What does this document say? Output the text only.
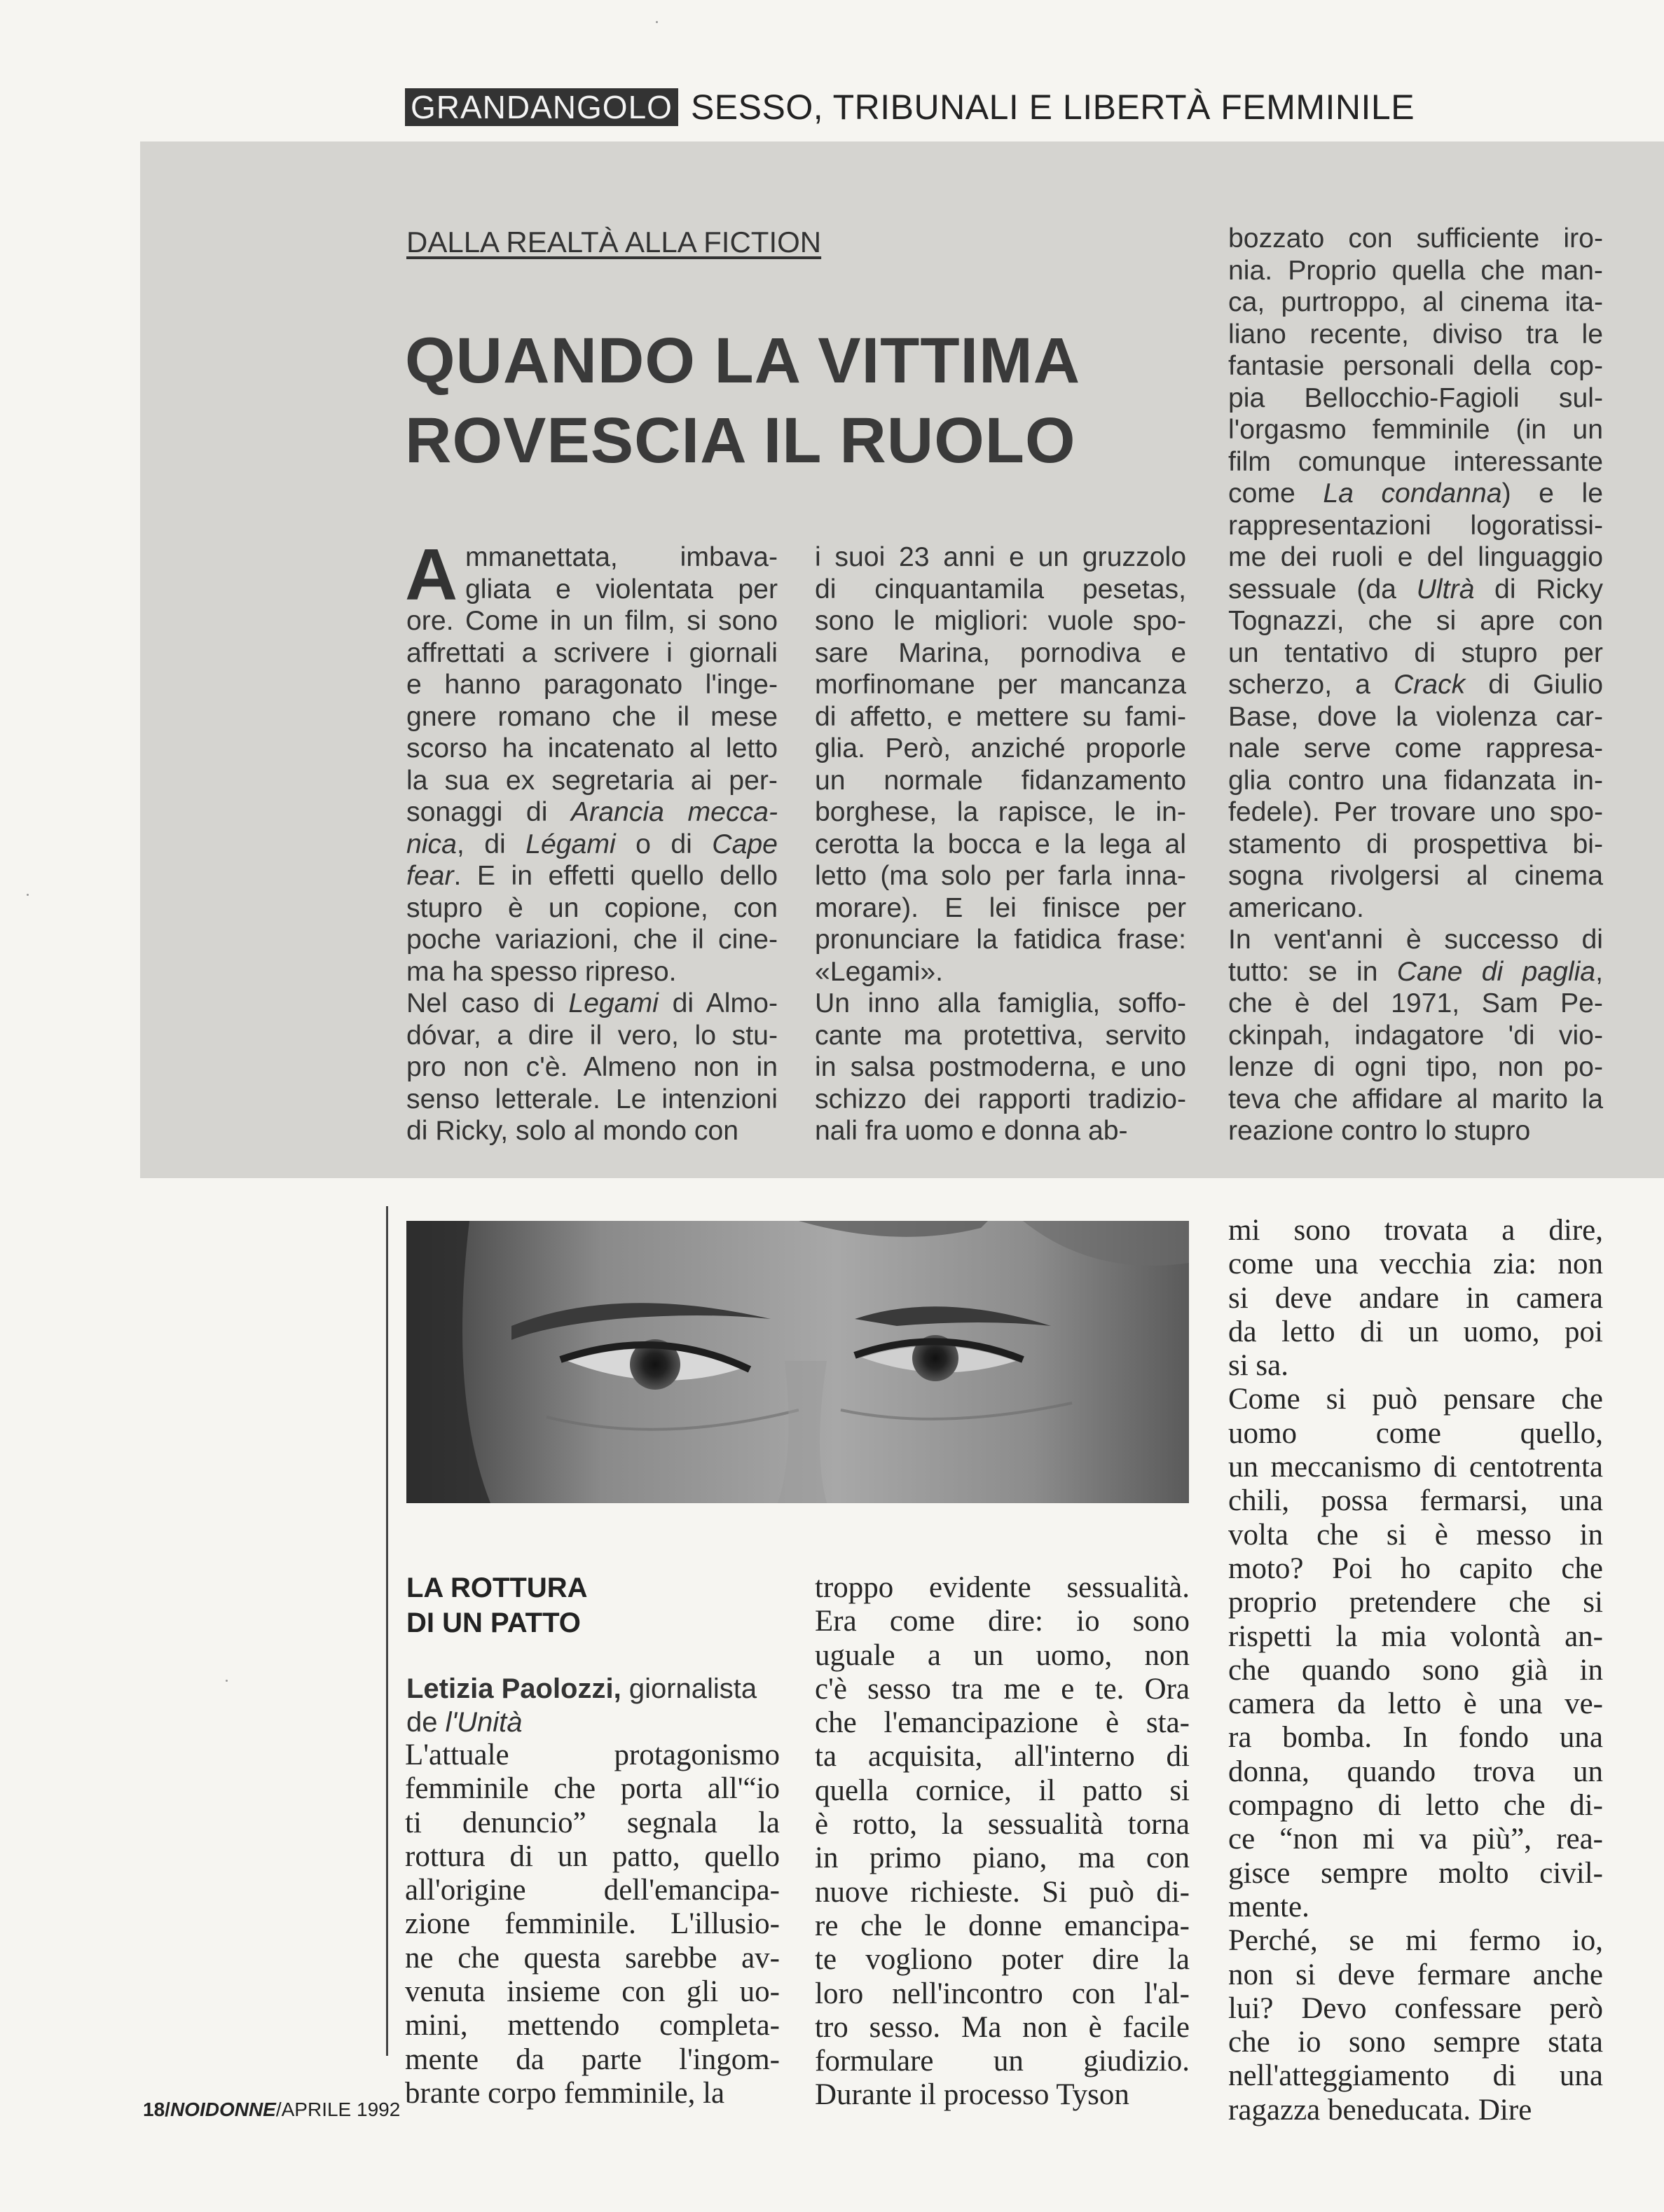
GRANDANGOLO SESSO, TRIBUNALI E LIBERTÀ FEMMINILE
DALLA REALTÀ ALLA FICTION
QUANDO LA VITTIMA
ROVESCIA IL RUOLO
A mmanettata, imbava-
gliata e violentata per
ore. Come in un film, si sono
affrettati a scrivere i giornali
e hanno paragonato l'inge-
gnere romano che il mese
scorso ha incatenato al letto
la sua ex segretaria ai per-
sonaggi di Arancia mecca-
nica, di Légami o di Cape
fear. E in effetti quello dello
stupro è un copione, con
poche variazioni, che il cine-
ma ha spesso ripreso.
Nel caso di Legami di Almo-
dóvar, a dire il vero, lo stu-
pro non c'è. Almeno non in
senso letterale. Le intenzioni
di Ricky, solo al mondo con
i suoi 23 anni e un gruzzolo
di cinquantamila pesetas,
sono le migliori: vuole spo-
sare Marina, pornodiva e
morfinomane per mancanza
di affetto, e mettere su fami-
glia. Però, anziché proporle
un normale fidanzamento
borghese, la rapisce, le in-
cerotta la bocca e la lega al
letto (ma solo per farla inna-
morare). E lei finisce per
pronunciare la fatidica frase:
«Legami».
Un inno alla famiglia, soffo-
cante ma protettiva, servito
in salsa postmoderna, e uno
schizzo dei rapporti tradizio-
nali fra uomo e donna ab-
bozzato con sufficiente iro-
nia. Proprio quella che man-
ca, purtroppo, al cinema ita-
liano recente, diviso tra le
fantasie personali della cop-
pia Bellocchio-Fagioli sul-
l'orgasmo femminile (in un
film comunque interessante
come La condanna) e le
rappresentazioni logoratissi-
me dei ruoli e del linguaggio
sessuale (da Ultrà di Ricky
Tognazzi, che si apre con
un tentativo di stupro per
scherzo, a Crack di Giulio
Base, dove la violenza car-
nale serve come rappresa-
glia contro una fidanzata in-
fedele). Per trovare uno spo-
stamento di prospettiva bi-
sogna rivolgersi al cinema
americano.
In vent'anni è successo di
tutto: se in Cane di paglia,
che è del 1971, Sam Pe-
ckinpah, indagatore 'di vio-
lenze di ogni tipo, non po-
teva che affidare al marito la
reazione contro lo stupro
LA ROTTURA
DI UN PATTO
Letizia Paolozzi, giornalista
de l'Unità
L'attuale protagonismo
femminile che porta all'“io
ti denuncio” segnala la
rottura di un patto, quello
all'origine dell'emancipa-
zione femminile. L'illusio-
ne che questa sarebbe av-
venuta insieme con gli uo-
mini, mettendo completa-
mente da parte l'ingom-
brante corpo femminile, la
troppo evidente sessualità.
Era come dire: io sono
uguale a un uomo, non
c'è sesso tra me e te. Ora
che l'emancipazione è sta-
ta acquisita, all'interno di
quella cornice, il patto si
è rotto, la sessualità torna
in primo piano, ma con
nuove richieste. Si può di-
re che le donne emancipa-
te vogliono poter dire la
loro nell'incontro con l'al-
tro sesso. Ma non è facile
formulare un giudizio.
Durante il processo Tyson
mi sono trovata a dire,
come una vecchia zia: non
si deve andare in camera
da letto di un uomo, poi
si sa.
Come si può pensare che
uomo come quello,
un meccanismo di centotrenta
chili, possa fermarsi, una
volta che si è messo in
moto? Poi ho capito che
proprio pretendere che si
rispetti la mia volontà an-
che quando sono già in
camera da letto è una ve-
ra bomba. In fondo una
donna, quando trova un
compagno di letto che di-
ce “non mi va più”, rea-
gisce sempre molto civil-
mente.
Perché, se mi fermo io,
non si deve fermare anche
lui? Devo confessare però
che io sono sempre stata
nell'atteggiamento di una
ragazza beneducata. Dire
18/NOIDONNE/APRILE 1992
